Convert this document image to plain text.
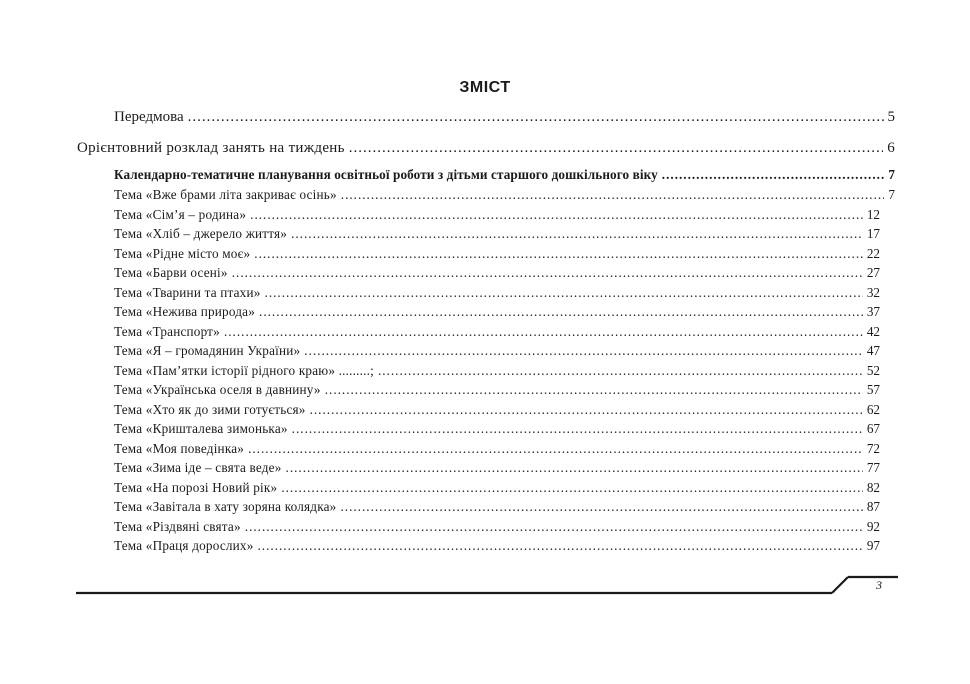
ЗМІСТ
Передмова .....	5
Орієнтовний розклад занять на тиждень .....	6
Календарно-тематичне планування освітньої роботи з дітьми старшого дошкільного віку .....	7
Тема «Вже брами літа закриває осінь» .....	7
Тема «Сім’я – родина» .....	12
Тема «Хліб – джерело життя» .....	17
Тема «Рідне місто моє» .....	22
Тема «Барви осені» .....	27
Тема «Тварини та птахи» .....	32
Тема «Нежива природа» .....	37
Тема «Транспорт» .....	42
Тема «Я – громадянин України» .....	47
Тема «Пам’ятки історії рідного краю» .........; .....	52
Тема «Українська оселя в давнину» .....	57
Тема «Хто як до зими готується» .....	62
Тема «Кришталева зимонька» .....	67
Тема «Моя поведінка» .....	72
Тема «Зима іде – свята веде» .....	77
Тема «На порозі Новий рік» .....	82
Тема «Завітала в хату зоряна колядка» .....	87
Тема «Різдвяні свята» .....	92
Тема «Праця дорослих» .....	97
3
